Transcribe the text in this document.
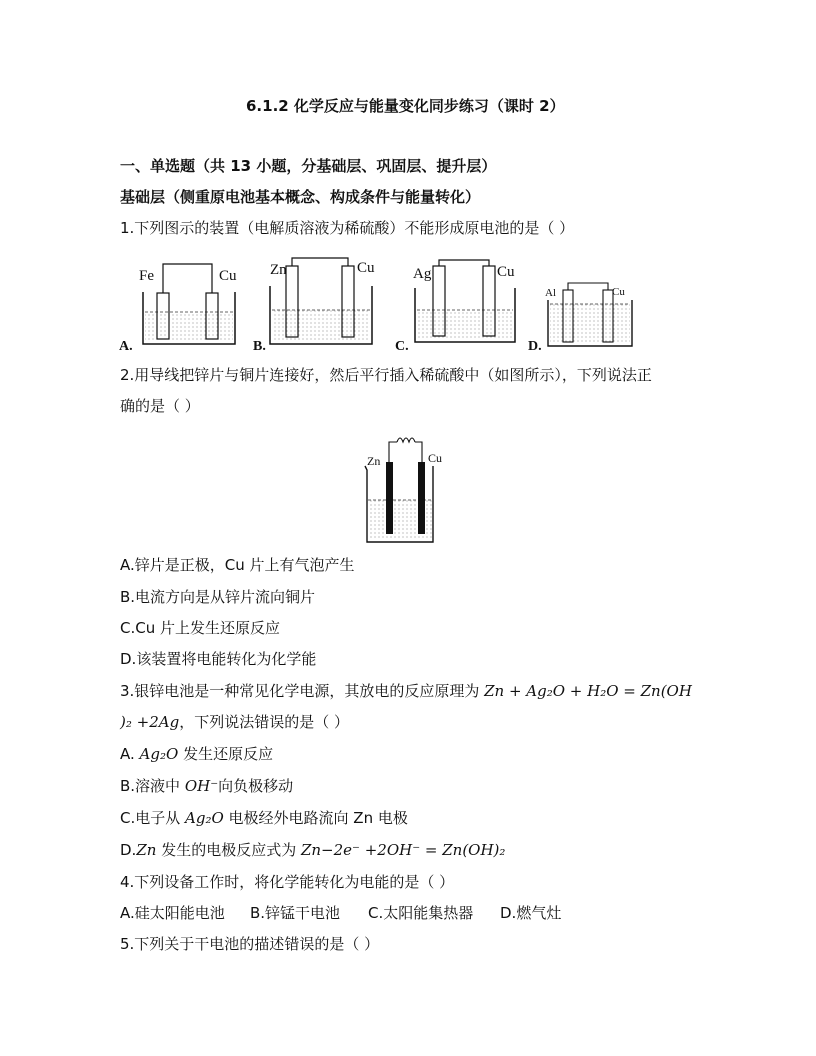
6.1.2 化学反应与能量变化同步练习（课时 2）
一、单选题（共 13 小题，分基础层、巩固层、提升层）
基础层（侧重原电池基本概念、构成条件与能量转化）
1.下列图示的装置（电解质溶液为稀硫酸）不能形成原电池的是（ ）
A.
Fe	Cu
B.
Zn	Cu
C.
Ag	Cu
D.
Al	Cu
2.用导线把锌片与铜片连接好，然后平行插入稀硫酸中（如图所示），下列说法正
确的是（ ）
Zn	Cu
A.锌片是正极，Cu 片上有气泡产生
B.电流方向是从锌片流向铜片
C.Cu 片上发生还原反应
D.该装置将电能转化为化学能
3.银锌电池是一种常见化学电源，其放电的反应原理为 Zn + Ag₂O + H₂O = Zn(OH
)₂ +2Ag，下列说法错误的是（ ）
A. Ag₂O 发生还原反应
B.溶液中 OH⁻向负极移动
C.电子从 Ag₂O 电极经外电路流向 Zn 电极
D.Zn 发生的电极反应式为 Zn−2e⁻ +2OH⁻ = Zn(OH)₂
4.下列设备工作时，将化学能转化为电能的是（ ）
A.硅太阳能电池 B.锌锰干电池 C.太阳能集热器 D.燃气灶
5.下列关于干电池的描述错误的是（ ）
